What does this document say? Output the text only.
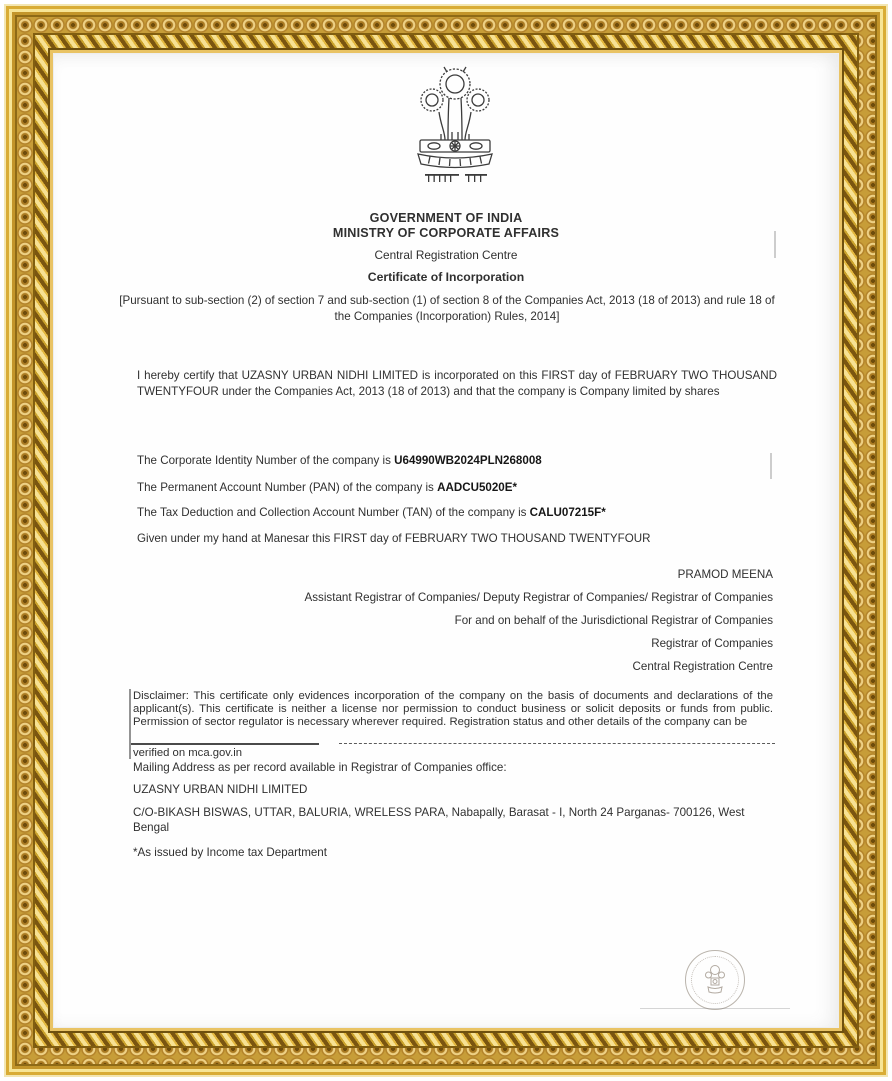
GOVERNMENT OF INDIA
MINISTRY OF CORPORATE AFFAIRS
Central Registration Centre
Certificate of Incorporation
[Pursuant to sub-section (2) of section 7 and sub-section (1) of section 8 of the Companies Act, 2013 (18 of 2013) and rule 18 of the Companies (Incorporation) Rules, 2014]
I hereby certify that UZASNY URBAN NIDHI LIMITED is incorporated on this FIRST day of FEBRUARY TWO THOUSAND TWENTYFOUR under the Companies Act, 2013 (18 of 2013) and that the company is Company limited by shares
The Corporate Identity Number of the company is U64990WB2024PLN268008
The Permanent Account Number (PAN) of the company is AADCU5020E*
The Tax Deduction and Collection Account Number (TAN) of the company is CALU07215F*
Given under my hand at Manesar this FIRST day of FEBRUARY TWO THOUSAND TWENTYFOUR
PRAMOD MEENA
Assistant Registrar of Companies/ Deputy Registrar of Companies/ Registrar of Companies
For and on behalf of the Jurisdictional Registrar of Companies
Registrar of Companies
Central Registration Centre
Disclaimer: This certificate only evidences incorporation of the company on the basis of documents and declarations of the applicant(s). This certificate is neither a license nor permission to conduct business or solicit deposits or funds from public. Permission of sector regulator is necessary wherever required. Registration status and other details of the company can be
verified on mca.gov.in
Mailing Address as per record available in Registrar of Companies office:
UZASNY URBAN NIDHI LIMITED
C/O-BIKASH BISWAS, UTTAR, BALURIA, WRELESS PARA, Nabapally, Barasat - I, North 24 Parganas- 700126, West Bengal
*As issued by Income tax Department
